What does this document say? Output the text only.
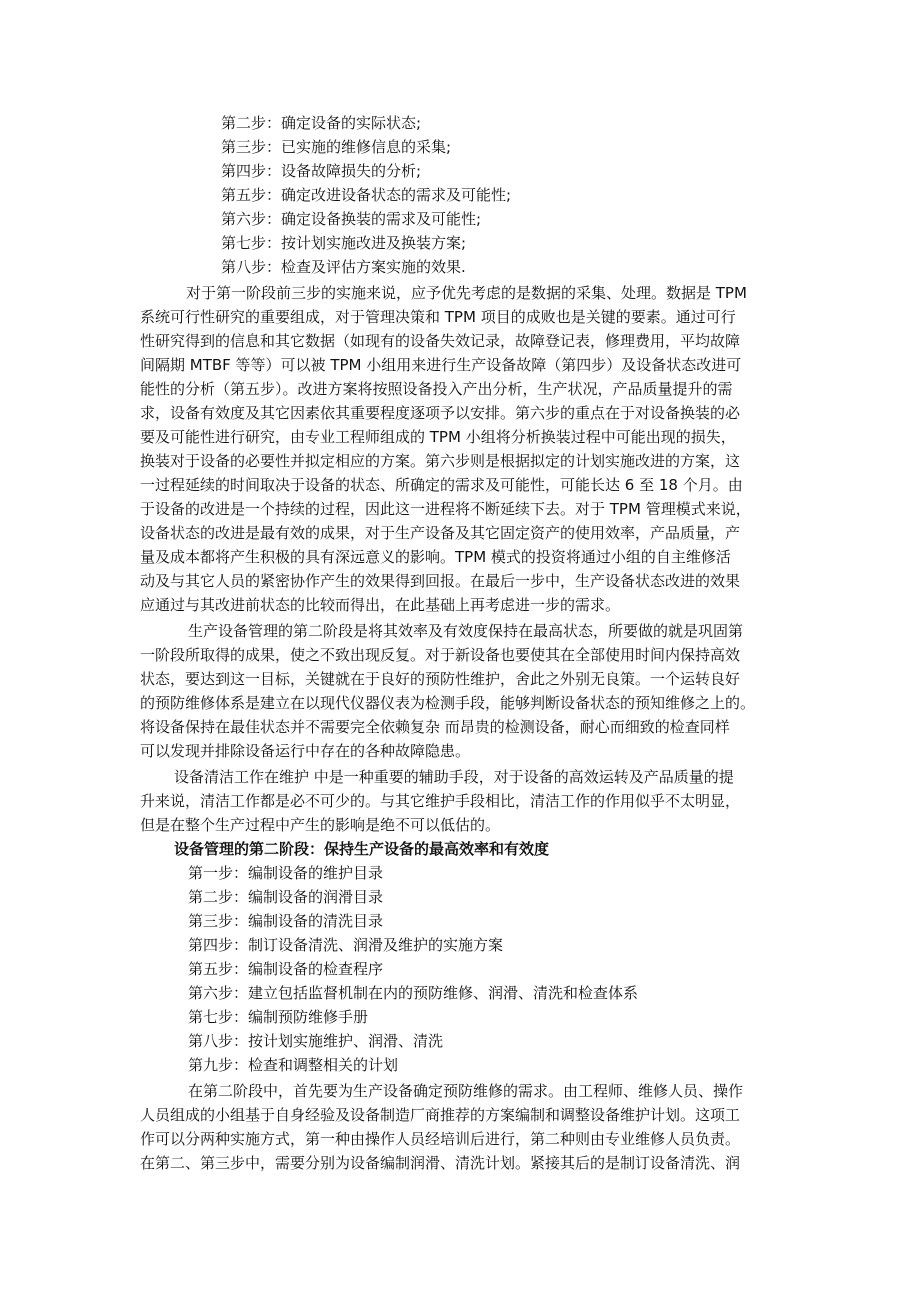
第二步：确定设备的实际状态;
第三步：已实施的维修信息的采集;
第四步：设备故障损失的分析;
第五步：确定改进设备状态的需求及可能性;
第六步：确定设备换装的需求及可能性;
第七步：按计划实施改进及换装方案;
第八步：检查及评估方案实施的效果.
对于第一阶段前三步的实施来说，应予优先考虑的是数据的采集、处理。数据是 TPM
系统可行性研究的重要组成，对于管理决策和 TPM 项目的成败也是关键的要素。通过可行
性研究得到的信息和其它数据（如现有的设备失效记录，故障登记表，修理费用，平均故障
间隔期 MTBF 等等）可以被 TPM 小组用来进行生产设备故障（第四步）及设备状态改进可
能性的分析（第五步）。改进方案将按照设备投入产出分析，生产状况，产品质量提升的需
求，设备有效度及其它因素依其重要程度逐项予以安排。第六步的重点在于对设备换装的必
要及可能性进行研究，由专业工程师组成的 TPM 小组将分析换装过程中可能出现的损失，
换装对于设备的必要性并拟定相应的方案。第六步则是根据拟定的计划实施改进的方案，这
一过程延续的时间取决于设备的状态、所确定的需求及可能性，可能长达 6 至 18 个月。由
于设备的改进是一个持续的过程，因此这一进程将不断延续下去。对于 TPM 管理模式来说，
设备状态的改进是最有效的成果，对于生产设备及其它固定资产的使用效率，产品质量，产
量及成本都将产生积极的具有深远意义的影响。TPM 模式的投资将通过小组的自主维修活
动及与其它人员的紧密协作产生的效果得到回报。在最后一步中，生产设备状态改进的效果
应通过与其改进前状态的比较而得出，在此基础上再考虑进一步的需求。
生产设备管理的第二阶段是将其效率及有效度保持在最高状态，所要做的就是巩固第
一阶段所取得的成果，使之不致出现反复。对于新设备也要使其在全部使用时间内保持高效
状态，要达到这一目标，关键就在于良好的预防性维护，舍此之外别无良策。一个运转良好
的预防维修体系是建立在以现代仪器仪表为检测手段，能够判断设备状态的预知维修之上的。
将设备保持在最佳状态并不需要完全依赖复杂 而昂贵的检测设备，耐心而细致的检查同样
可以发现并排除设备运行中存在的各种故障隐患。
设备清洁工作在维护 中是一种重要的辅助手段，对于设备的高效运转及产品质量的提
升来说，清洁工作都是必不可少的。与其它维护手段相比，清洁工作的作用似乎不太明显，
但是在整个生产过程中产生的影响是绝不可以低估的。
设备管理的第二阶段：保持生产设备的最高效率和有效度
第一步：编制设备的维护目录
第二步：编制设备的润滑目录
第三步：编制设备的清洗目录
第四步：制订设备清洗、润滑及维护的实施方案
第五步：编制设备的检查程序
第六步：建立包括监督机制在内的预防维修、润滑、清洗和检查体系
第七步：编制预防维修手册
第八步：按计划实施维护、润滑、清洗
第九步：检查和调整相关的计划
在第二阶段中，首先要为生产设备确定预防维修的需求。由工程师、维修人员、操作
人员组成的小组基于自身经验及设备制造厂商推荐的方案编制和调整设备维护计划。这项工
作可以分两种实施方式，第一种由操作人员经培训后进行，第二种则由专业维修人员负责。
在第二、第三步中，需要分别为设备编制润滑、清洗计划。紧接其后的是制订设备清洗、润
